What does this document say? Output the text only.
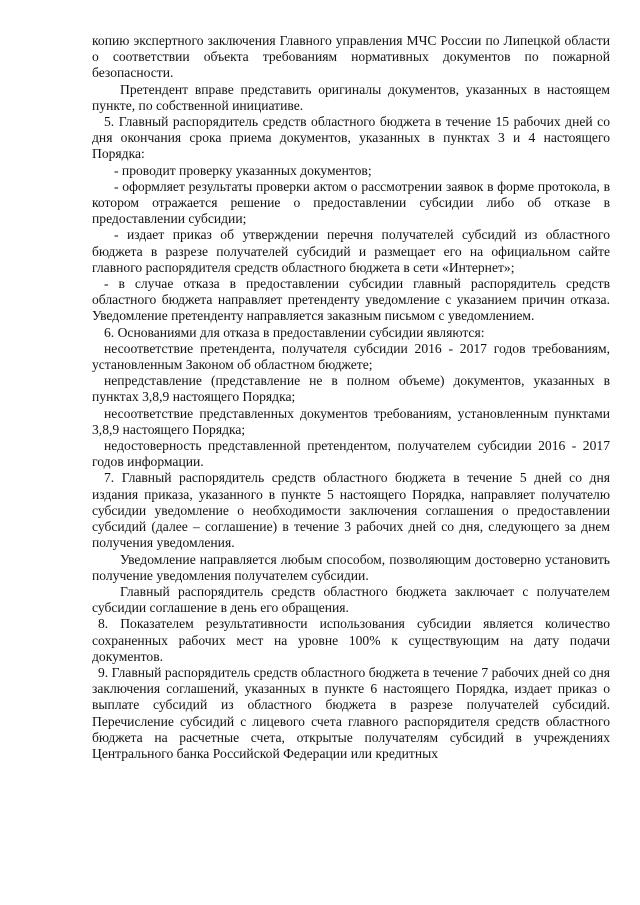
копию экспертного заключения Главного управления МЧС России по Липецкой области о соответствии объекта требованиям нормативных документов по пожарной безопасности.

Претендент вправе представить оригиналы документов, указанных в настоящем пункте, по собственной инициативе.

5. Главный распорядитель средств областного бюджета в течение 15 рабочих дней со дня окончания срока приема документов, указанных в пунктах 3 и 4 настоящего Порядка:

- проводит проверку указанных документов;

- оформляет результаты проверки актом о рассмотрении заявок в форме протокола, в котором отражается решение о предоставлении субсидии либо об отказе в предоставлении субсидии;

- издает приказ об утверждении перечня получателей субсидий из областного бюджета в разрезе получателей субсидий и размещает его на официальном сайте главного распорядителя средств областного бюджета в сети «Интернет»;

- в случае отказа в предоставлении субсидии главный распорядитель средств областного бюджета направляет претенденту уведомление с указанием причин отказа. Уведомление претенденту направляется заказным письмом с уведомлением.

6. Основаниями для отказа в предоставлении субсидии являются:

несоответствие претендента, получателя субсидии 2016 - 2017 годов требованиям, установленным Законом об областном бюджете;

непредставление (представление не в полном объеме) документов, указанных в пунктах 3,8,9 настоящего Порядка;

несоответствие представленных документов требованиям, установленным пунктами 3,8,9 настоящего Порядка;

недостоверность представленной претендентом, получателем субсидии 2016 - 2017 годов информации.

7. Главный распорядитель средств областного бюджета в течение 5 дней со дня издания приказа, указанного в пункте 5 настоящего Порядка, направляет получателю субсидии уведомление о необходимости заключения соглашения о предоставлении субсидий (далее – соглашение) в течение 3 рабочих дней со дня, следующего за днем получения уведомления.

Уведомление направляется любым способом, позволяющим достоверно установить получение уведомления получателем субсидии.

Главный распорядитель средств областного бюджета заключает с получателем субсидии соглашение в день его обращения.

8. Показателем результативности использования субсидии является количество сохраненных рабочих мест на уровне 100% к существующим на дату подачи документов.

9. Главный распорядитель средств областного бюджета в течение 7 рабочих дней со дня заключения соглашений, указанных в пункте 6 настоящего Порядка, издает приказ о выплате субсидий из областного бюджета в разрезе получателей субсидий. Перечисление субсидий с лицевого счета главного распорядителя средств областного бюджета на расчетные счета, открытые получателям субсидий в учреждениях Центрального банка Российской Федерации или кредитных
